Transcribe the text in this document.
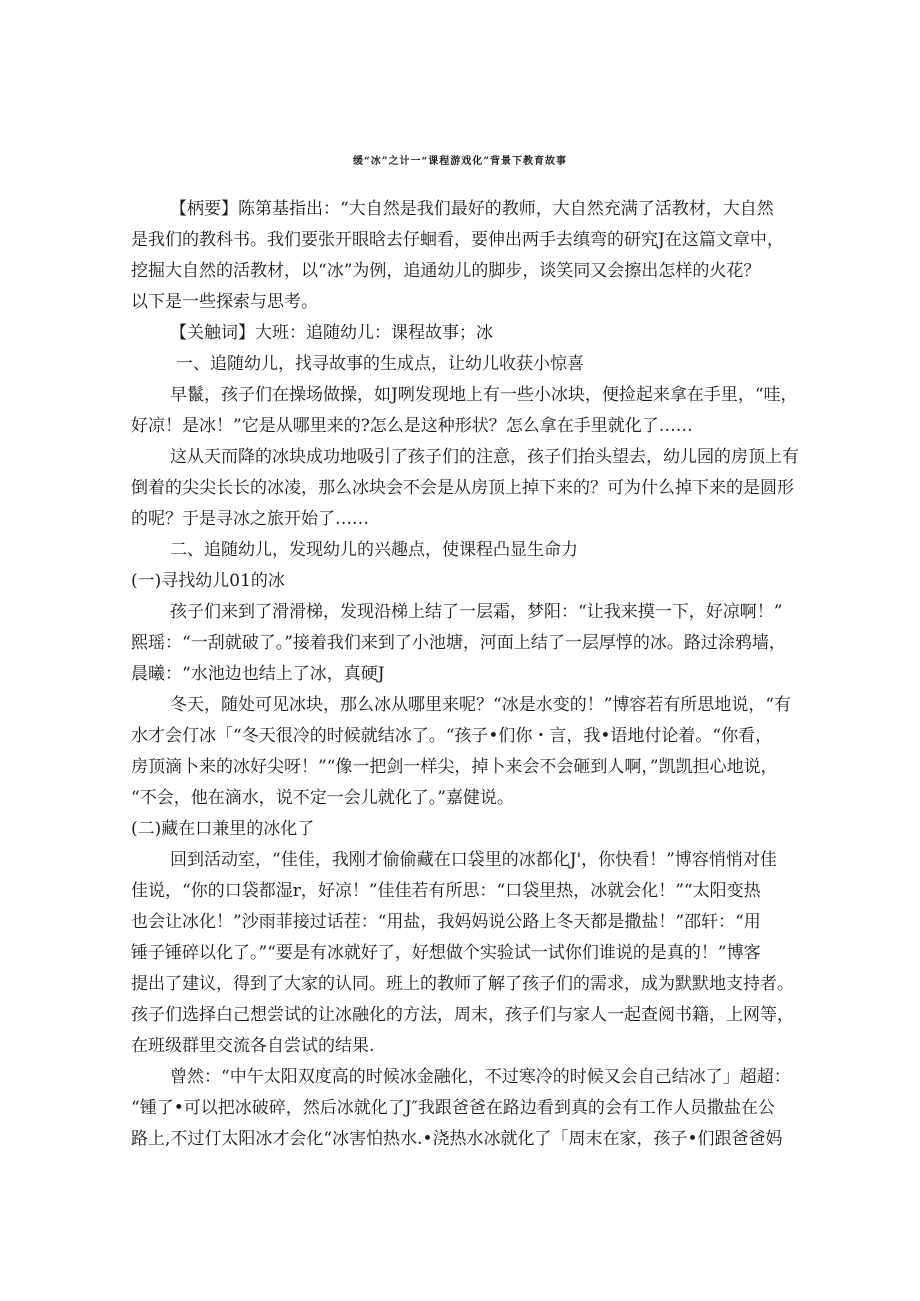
缓“冰”之计一“课程游戏化”背景下教育故事
【柄要】陈第基指出：“大自然是我们最好的教师，大自然充满了活教材，大自然
是我们的教科书。我们要张开眼晗去仔蛔看，要伸出两手去缜弯的研究J在这篇文章中，
挖掘大自然的活教材，以“冰”为例，追通幼儿的脚步，谈笑同又会擦出怎样的火花？
以下是一些探索与思考。
【关触词】大班：追随幼儿：课程故事；冰
一、追随幼儿，找寻故事的生成点，让幼儿收获小惊喜
早鬣，孩子们在操场做操，如J咧发现地上有一些小冰块，便捡起来拿在手里，“哇，
好凉！是冰！”它是从哪里来的?怎么是这种形状？怎么拿在手里就化了……
这从天而降的冰块成功地吸引了孩子们的注意，孩子们抬头望去，幼儿园的房顶上有
倒着的尖尖长长的冰凌，那么冰块会不会是从房顶上掉下来的？可为什么掉下来的是圆形
的呢？于是寻冰之旅开始了……
二、追随幼儿，发现幼儿的兴趣点，使课程凸显生命力
(一)寻找幼儿01的冰
孩子们来到了滑滑梯，发现沿梯上结了一层霜，梦阳：“让我来摸一下，好凉啊！”
熙瑶：“一刮就破了。”接着我们来到了小池塘，河面上结了一层厚惇的冰。路过涂鸦墙，
晨曦：“水池边也结上了冰，真硬J
冬天，随处可见冰块，那么冰从哪里来呢？“冰是水变的！”博容若有所思地说，“有
水才会仃冰「“冬天很冷的时候就结冰了。“孩子•们你・言，我•语地付论着。“你看，
房顶滴卜来的冰好尖呀！”“像一把剑一样尖，掉卜来会不会砸到人啊，”凯凯担心地说，
“不会，他在滴水，说不定一会儿就化了。”嘉健说。
(二)藏在口兼里的冰化了
回到活动室，“佳佳，我刚才偷偷藏在口袋里的冰都化J'，你快看！”博容悄悄对佳
佳说，“你的口袋都湿r，好凉！”佳佳若有所思：“口袋里热，冰就会化！”“太阳变热
也会让冰化！”沙雨菲接过话茬：“用盐，我妈妈说公路上冬天都是撒盐！”邵轩：“用
锤子锤碎以化了。”“要是有冰就好了，好想做个实验试一试你们谁说的是真的！”博客
提出了建议，得到了大家的认同。班上的教师了解了孩子们的需求，成为默默地支持者。
孩子们选择白己想尝试的让冰融化的方法，周末，孩子们与家人一起查阅书籍，上网等，
在班级群里交流各自尝试的结果.
曾然：“中午太阳双度高的时候冰金融化，不过寒冷的时候又会自己结冰了」超超：
“锺了•可以把冰破碎，然后冰就化了J″我跟爸爸在路边看到真的会有工作人员撒盐在公
路上,不过仃太阳冰才会化“冰害怕热水.•浇热水冰就化了「周末在家，孩子•们跟爸爸妈
